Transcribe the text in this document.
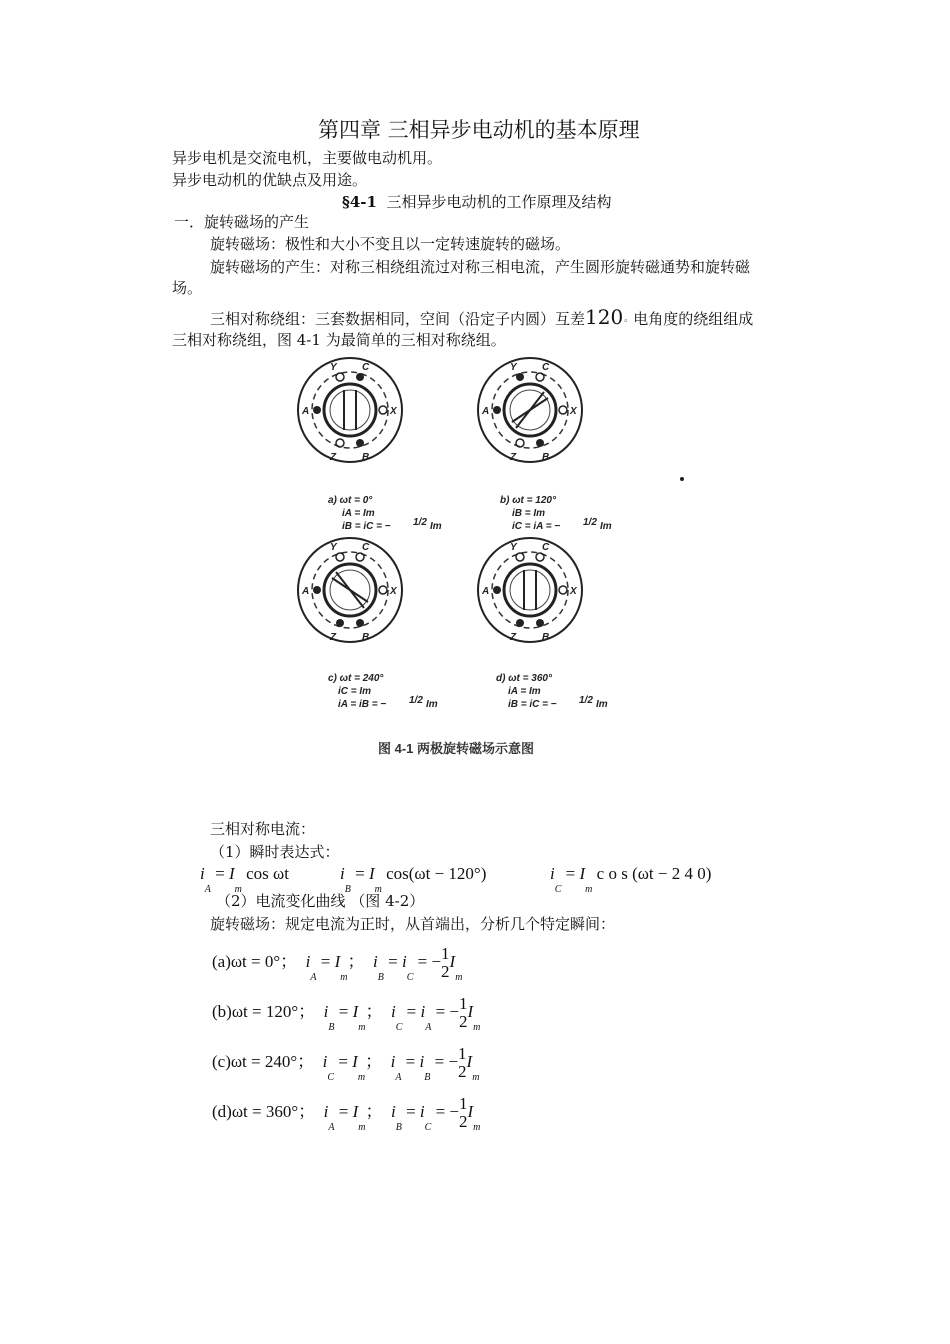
第四章 三相异步电动机的基本原理
异步电机是交流电机，主要做电动机用。
异步电动机的优缺点及用途。
§4-1 三相异步电动机的工作原理及结构
一．旋转磁场的产生
旋转磁场：极性和大小不变且以一定转速旋转的磁场。
旋转磁场的产生：对称三相绕组流过对称三相电流，产生圆形旋转磁通势和旋转磁
场。
三相对称绕组：三套数据相同，空间（沿定子内圆）互差120◦ 电角度的绕组组成
三相对称绕组，图 4-1 为最简单的三相对称绕组。
Y	C
A	X
Z	B
Y	C
A	X
Z	B
Y	C
A	X
Z	B
Y	C
A	X
Z	B
a) ωt = 0°
iA = Im
iB = iC = − 1/2 Im
b) ωt = 120°
iB = Im
iC = iA = − 1/2 Im
c) ωt = 240°
iC = Im
iA = iB = − 1/2 Im
d) ωt = 360°
iA = Im
iB = iC = − 1/2 Im
图 4-1 两极旋转磁场示意图
三相对称电流：
（1）瞬时表达式：
$i_A = I_m$ cos ωt	$i_B = I_m$ cos(ωt − 120°)	$i_C = I_m$ c o s (ωt − 2 4 0)
（2）电流变化曲线 （图 4-2）
旋转磁场：规定电流为正时，从首端出，分析几个特定瞬间：
(a)ωt = 0°； $i_A = I_m$；  $i_B = i_C$ = − 1
2
$I_m$
(b)ωt = 120°； $i_B = I_m$；  $i_C = i_A$ = − 1
2
$I_m$
(c)ωt = 240°； $i_C = I_m$；  $i_A = i_B$ = − 1
2
$I_m$
(d)ωt = 360°； $i_A = I_m$；  $i_B = i_C$ = − 1
2
$I_m$
